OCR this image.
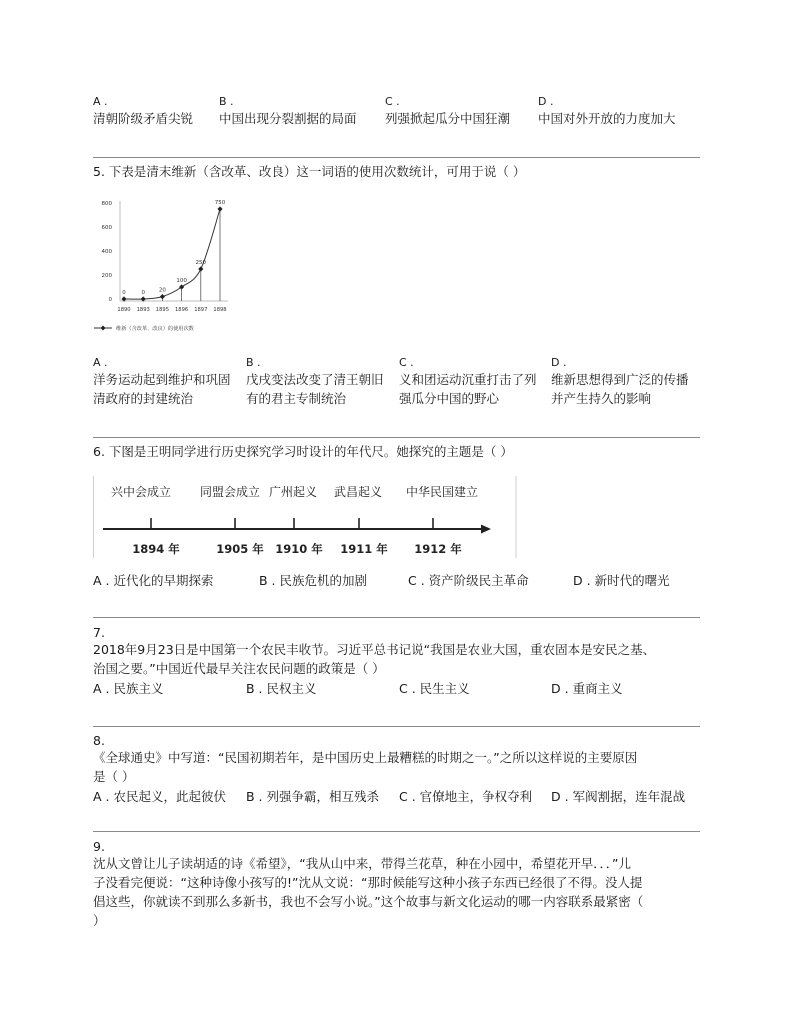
A .
清朝阶级矛盾尖锐
B .
中国出现分裂割据的局面
C .
列强掀起瓜分中国狂潮
D .
中国对外开放的力度加大
5. 下表是清末维新（含改革、改良）这一词语的使用次数统计，可用于说（ ）
0
200
400
600
800
1890 1893 1895 1896 1897 1898
0	0	20
100
250
750
维新（含改革、改良）的使用次数
A .
洋务运动起到维护和巩固
清政府的封建统治
B .
戊戌变法改变了清王朝旧
有的君主专制统治
C .
义和团运动沉重打击了列
强瓜分中国的野心
D .
维新思想得到广泛的传播
并产生持久的影响
6. 下图是王明同学进行历史探究学习时设计的年代尺。她探究的主题是（ ）
兴中会成立 同盟会成立 广州起义 武昌起义 中华民国建立
1894 年	1905 年 1910 年 1911 年 1912 年
A . 近代化的早期探索	B . 民族危机的加剧	C . 资产阶级民主革命	D . 新时代的曙光
7.
2018年9月23日是中国第一个农民丰收节。习近平总书记说“我国是农业大国，重农固本是安民之基、
治国之要。”中国近代最早关注农民问题的政策是（ ）
A . 民族主义	B . 民权主义	C . 民生主义	D . 重商主义
8.
《全球通史》中写道：“民国初期若年，是中国历史上最糟糕的时期之一。”之所以这样说的主要原因
是（ ）
A . 农民起义，此起彼伏 B . 列强争霸，相互残杀 C . 官僚地主，争权夺利 D . 军阀割据，连年混战
9.
沈从文曾让儿子读胡适的诗《希望》，“我从山中来，带得兰花草，种在小园中，希望花开早．．．”儿
子没看完便说：“这种诗像小孩写的!”沈从文说：“那时候能写这种小孩子东西已经很了不得。没人提
倡这些，你就读不到那么多新书，我也不会写小说。”这个故事与新文化运动的哪一内容联系最紧密（
）
